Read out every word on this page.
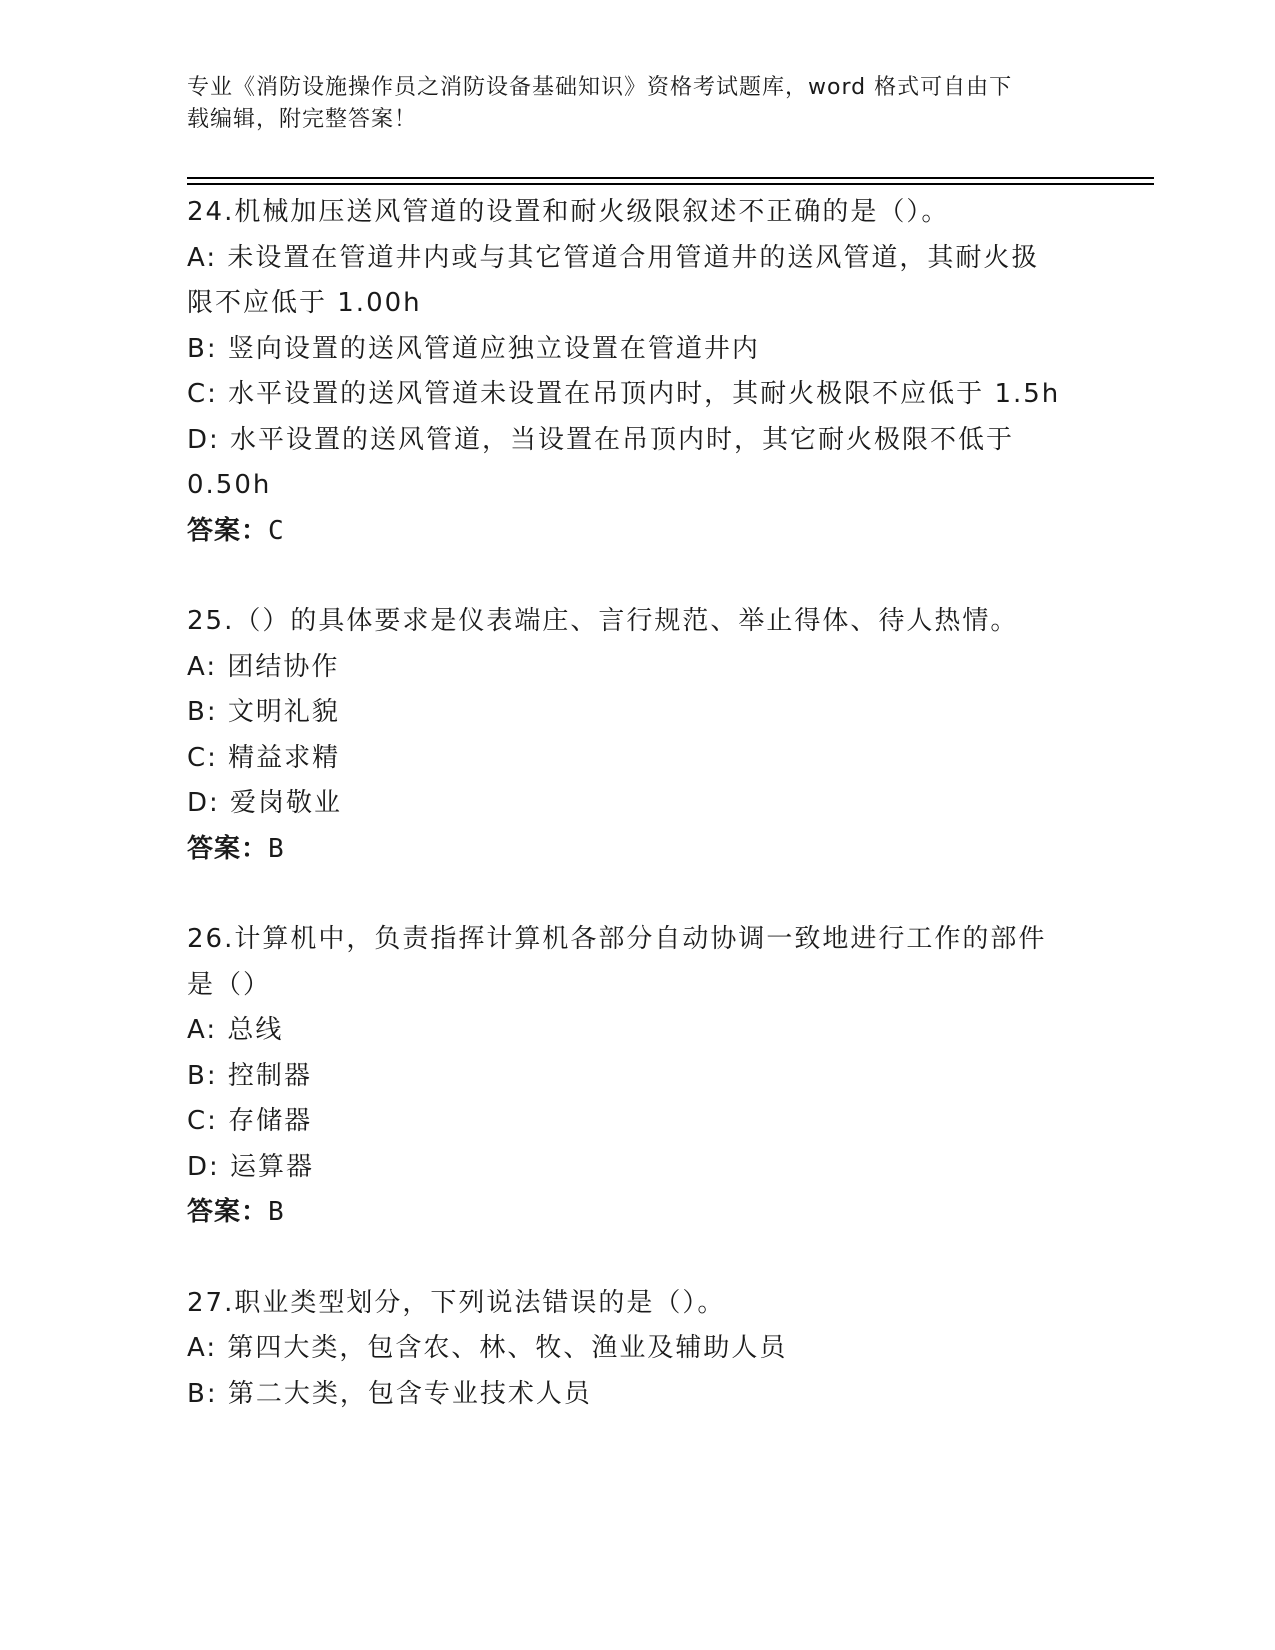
专业《消防设施操作员之消防设备基础知识》资格考试题库，word 格式可自由下
载编辑，附完整答案！
24.机械加压送风管道的设置和耐火级限叙述不正确的是（）。
A: 未设置在管道井内或与其它管道合用管道井的送风管道，其耐火扱
限不应低于 1.00h
B: 竖向设置的送风管道应独立设置在管道井内
C: 水平设置的送风管道未设置在吊顶内时，其耐火极限不应低于 1.5h
D: 水平设置的送风管道，当设置在吊顶内时，其它耐火极限不低于
0.50h
答案：C
25.（）的具体要求是仪表端庄、言行规范、举止得体、待人热情。
A: 团结协作
B: 文明礼貌
C: 精益求精
D: 爱岗敬业
答案：B
26.计算机中，负责指挥计算机各部分自动协调一致地进行工作的部件
是（）
A: 总线
B: 控制器
C: 存储器
D: 运算器
答案：B
27.职业类型划分，下列说法错误的是（）。
A: 第四大类，包含农、林、牧、渔业及辅助人员
B: 第二大类，包含专业技术人员
